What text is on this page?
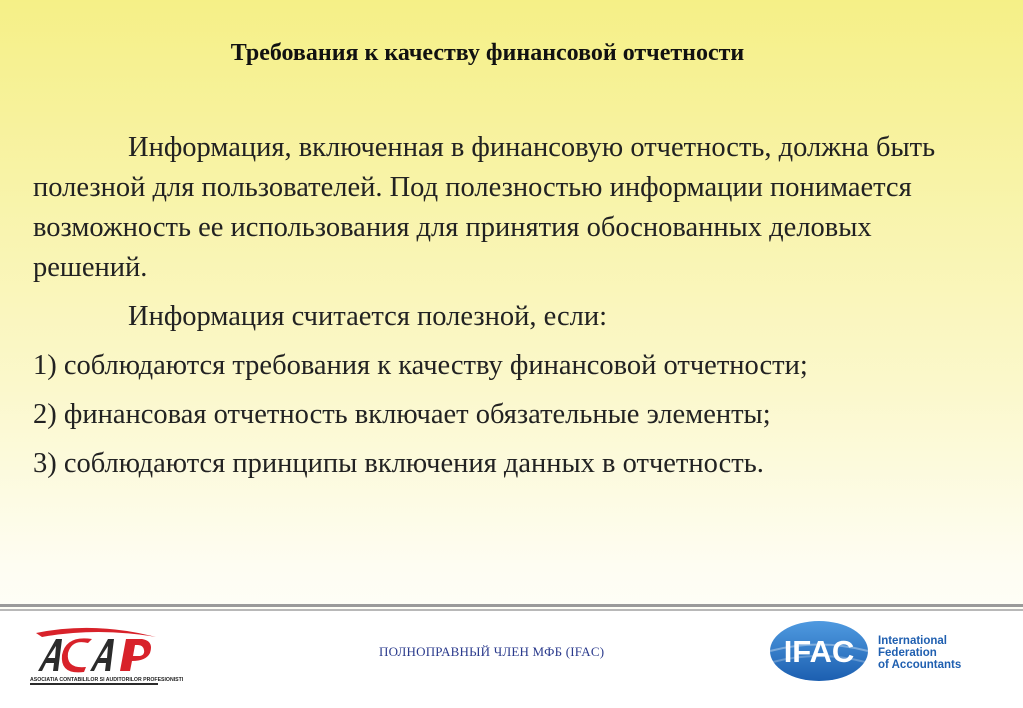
Требования к качеству финансовой отчетности

Информация, включенная в финансовую отчетность, должна быть полезной для пользователей. Под полезностью информации понимается возможность ее использования для принятия обоснованных деловых решений.

Информация считается полезной, если:

1) соблюдаются требования к качеству финансовой отчетности;

2) финансовая отчетность включает обязательные элементы;

3) соблюдаются принципы включения данных в отчетность.

ASOCIATIA CONTABILILOR SI AUDITORILOR PROFESIONISTI
ПОЛНОПРАВНЫЙ ЧЛЕН МФБ (IFAC)	IFAC International
Federation
of Accountants
